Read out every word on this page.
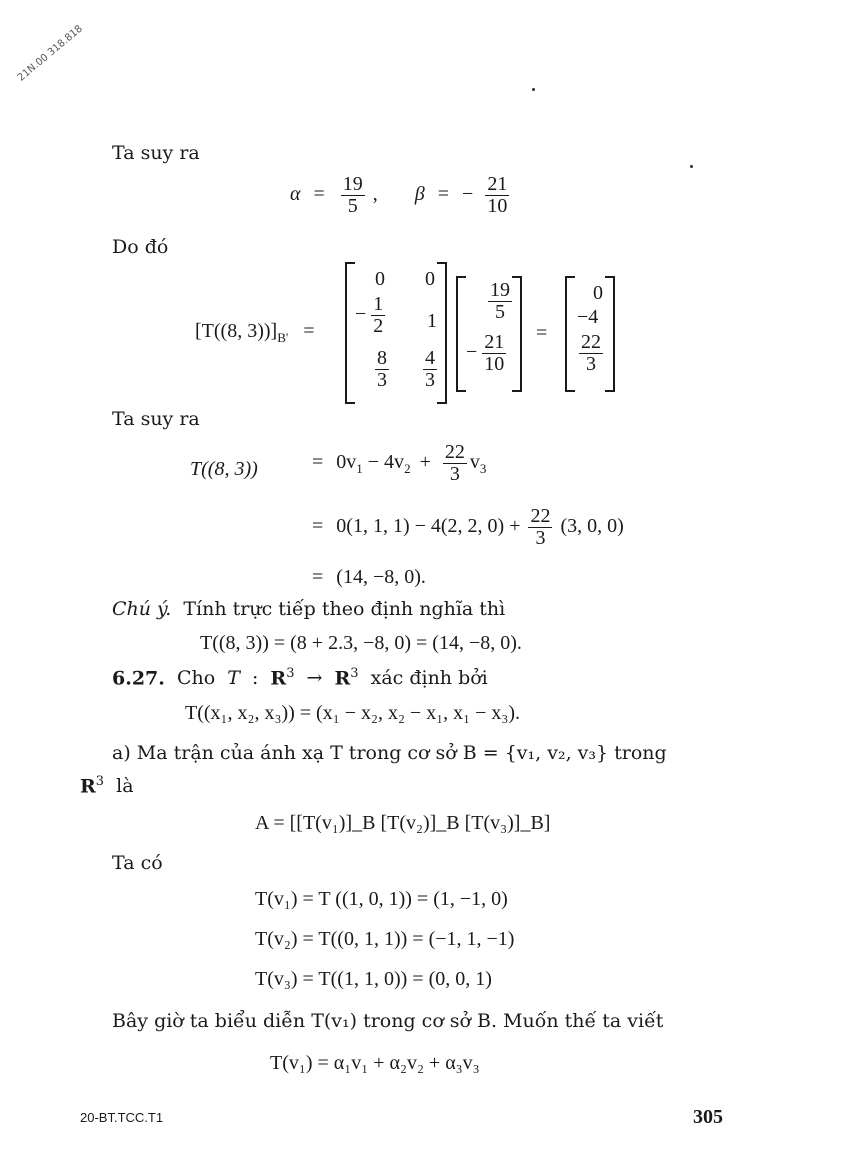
21N.00 318.818
Ta suy ra
$\alpha = \frac{19}{5}$ , β = − $\frac{21}{10}$
Do đó
[T((8, $3))]_{B'}$ =
0 0
− $\frac{1}{2} 1$
$\frac{8}{3} \frac{4}{3}$
$\frac{19}{5}$
− $\frac{21}{10}$ =
0
−4
$\frac{22}{3}$
Ta suy ra
T((8, 3))	= $0v_1 - 4v_2 + \frac{22}{3} v_3$
= 0(1, 1, 1) − 4(2, 2, $0) + \frac{22}{3} (3$, 0, 0)
= (14, −8, 0).
Chú ý. Tính trực tiếp theo định nghĩa thì
T((8, 3)) = (8 + 2.3, −8, 0) = (14, −8, 0).
6.27. Cho T : $R^3 \to R^3$ xác định bởi
T((x₁, x₂, x₃)) = (x₁ − x₂, x₂ − x₁, x₁ − x₃).
a) Ma trận của ánh xạ T trong cơ sở B = {v₁, v₂, v₃} trong
$R^3$ là
A = [[T(v₁)]_B [T(v₂)]_B [T(v₃)]_B]
Ta có
T(v₁) = T ((1, 0, 1)) = (1, −1, 0)
T(v₂) = T((0, 1, 1)) = (−1, 1, −1)
T(v₃) = T((1, 1, 0)) = (0, 0, 1)
Bây giờ ta biểu diễn T(v₁) trong cơ sở B. Muốn thế ta viết
T(v₁) = α₁v₁ + α₂v₂ + α₃v₃
20-BT.TCC.T1	305
